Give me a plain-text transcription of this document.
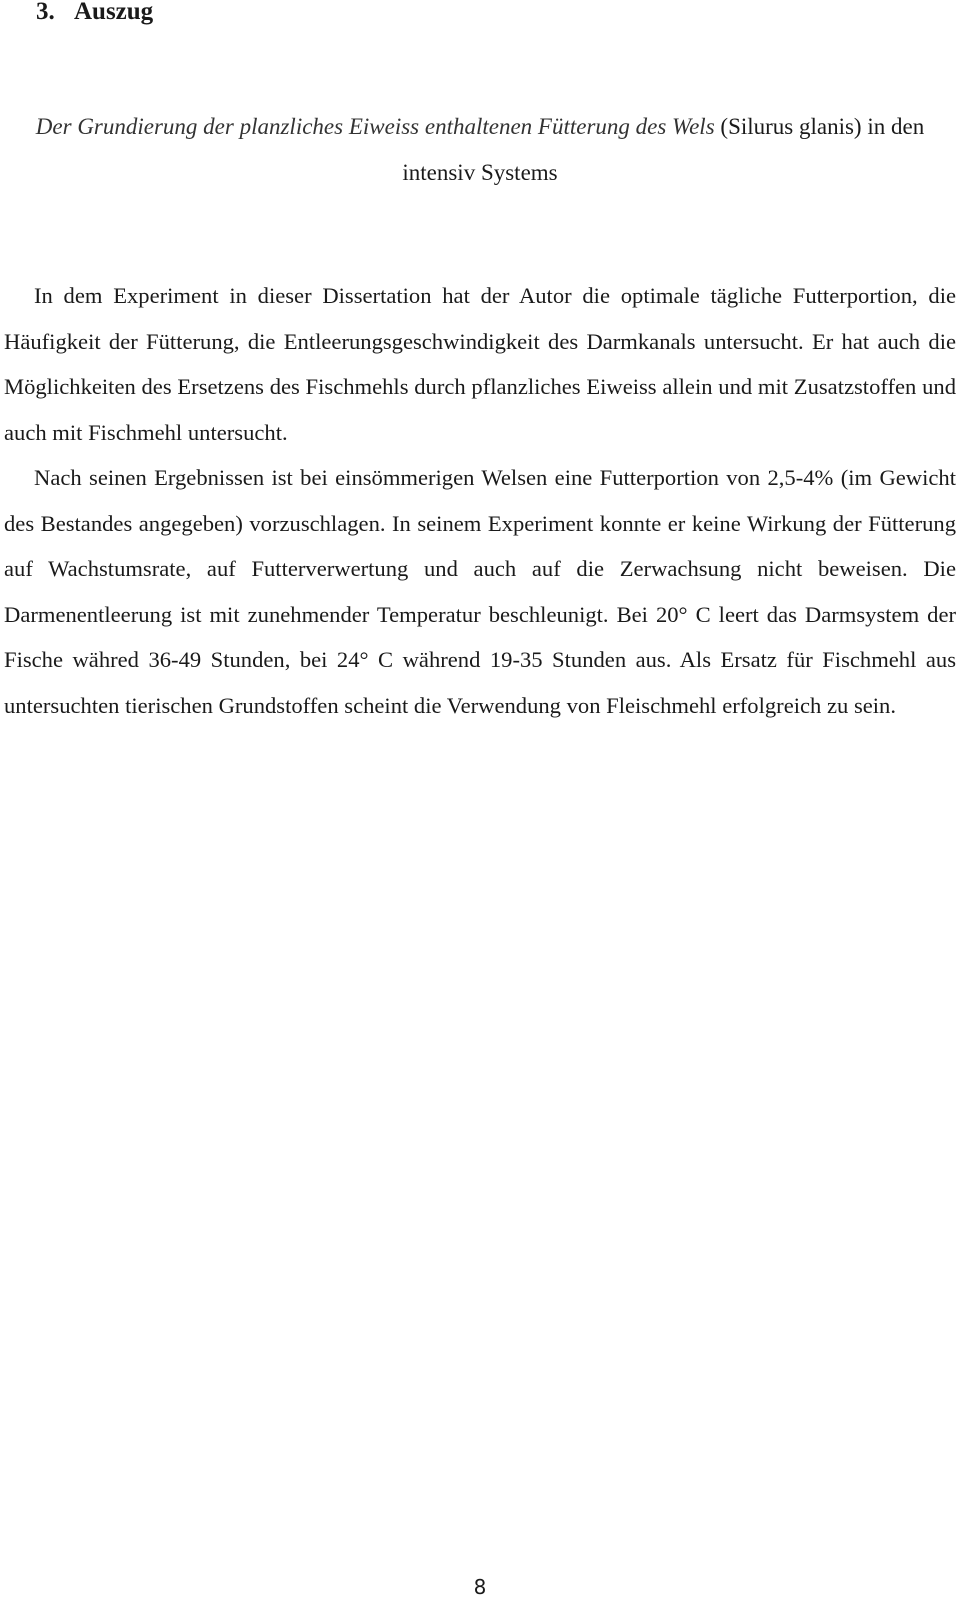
3. Auszug

Der Grundierung der planzliches Eiweiss enthaltenen Fütterung des Wels (Silurus glanis) in den intensiv Systems

In dem Experiment in dieser Dissertation hat der Autor die optimale tägliche Futterportion, die Häufigkeit der Fütterung, die Entleerungsgeschwindigkeit des Darmkanals untersucht. Er hat auch die Möglichkeiten des Ersetzens des Fischmehls durch pflanzliches Eiweiss allein und mit Zusatzstoffen und auch mit Fischmehl untersucht.

Nach seinen Ergebnissen ist bei einsömmerigen Welsen eine Futterportion von 2,5-4% (im Gewicht des Bestandes angegeben) vorzuschlagen. In seinem Experiment konnte er keine Wirkung der Fütterung auf Wachstumsrate, auf Futterverwertung und auch auf die Zerwachsung nicht beweisen. Die Darmenentleerung ist mit zunehmender Temperatur beschleunigt. Bei 20° C leert das Darmsystem der Fische währed 36-49 Stunden, bei 24° C während 19-35 Stunden aus. Als Ersatz für Fischmehl aus untersuchten tierischen Grundstoffen scheint die Verwendung von Fleischmehl erfolgreich zu sein.

8
